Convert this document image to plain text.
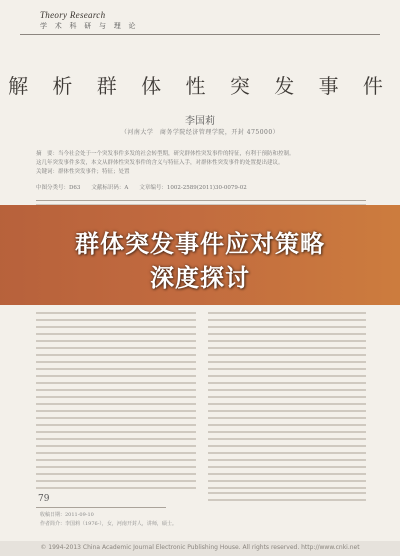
Theory Research
学 术 科 研 与 理 论
解 析 群 体 性 突 发 事 件
李国莉
（河南大学　商务学院经济管理学院，开封 475000）

摘　要：当今社会处于一个突发事件多发的社会转型期，研究群体性突发事件的特征，有利于预防和控制。

这几年突发事件多发，本文从群体性突发事件的含义与特征入手，对群体性突发事件的处置提出建议。

关键词：群体性突发事件；特征；处置

中图分类号：D63　　文献标识码：A　　文章编号：1002-2589(2011)30-0079-02
群体突发事件应对策略
深度探讨
79
收稿日期：2011-09-10
作者简介：李国莉（1976-），女，河南开封人，讲师，硕士。
© 1994-2013 China Academic Journal Electronic Publishing House. All rights reserved. http://www.cnki.net
